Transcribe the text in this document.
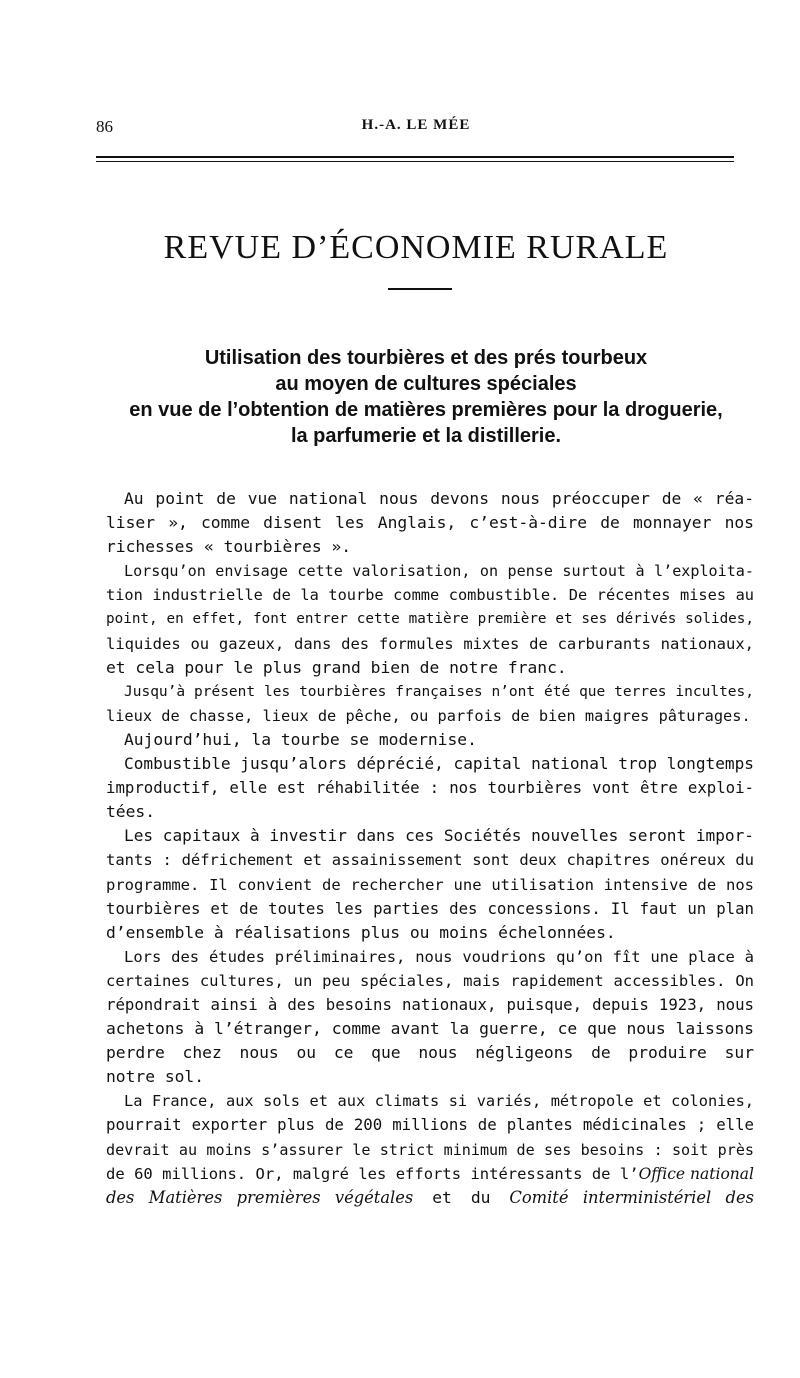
86	H.-A. LE MÉE
REVUE D’ÉCONOMIE RURALE
Utilisation des tourbières et des prés tourbeux
au moyen de cultures spéciales
en vue de l’obtention de matières premières pour la droguerie,
la parfumerie et la distillerie.
Au point de vue national nous devons nous préoccuper de « réa-
liser », comme disent les Anglais, c’est-à-dire de monnayer nos
richesses « tourbières ».
Lorsqu’on envisage cette valorisation, on pense surtout à l’exploita-
tion industrielle de la tourbe comme combustible. De récentes mises au
point, en effet, font entrer cette matière première et ses dérivés solides,
liquides ou gazeux, dans des formules mixtes de carburants nationaux,
et cela pour le plus grand bien de notre franc.
Jusqu’à présent les tourbières françaises n’ont été que terres incultes,
lieux de chasse, lieux de pêche, ou parfois de bien maigres pâturages.
Aujourd’hui, la tourbe se modernise.
Combustible jusqu’alors déprécié, capital national trop longtemps
improductif, elle est réhabilitée : nos tourbières vont être exploi-
tées.
Les capitaux à investir dans ces Sociétés nouvelles seront impor-
tants : défrichement et assainissement sont deux chapitres onéreux du
programme. Il convient de rechercher une utilisation intensive de nos
tourbières et de toutes les parties des concessions. Il faut un plan
d’ensemble à réalisations plus ou moins échelonnées.
Lors des études préliminaires, nous voudrions qu’on fît une place à
certaines cultures, un peu spéciales, mais rapidement accessibles. On
répondrait ainsi à des besoins nationaux, puisque, depuis 1923, nous
achetons à l’étranger, comme avant la guerre, ce que nous laissons
perdre chez nous ou ce que nous négligeons de produire sur
notre sol.
La France, aux sols et aux climats si variés, métropole et colonies,
pourrait exporter plus de 200 millions de plantes médicinales ; elle
devrait au moins s’assurer le strict minimum de ses besoins : soit près
de 60 millions. Or, malgré les efforts intéressants de l’Office national
des Matières premières végétales et du Comité interministériel des
